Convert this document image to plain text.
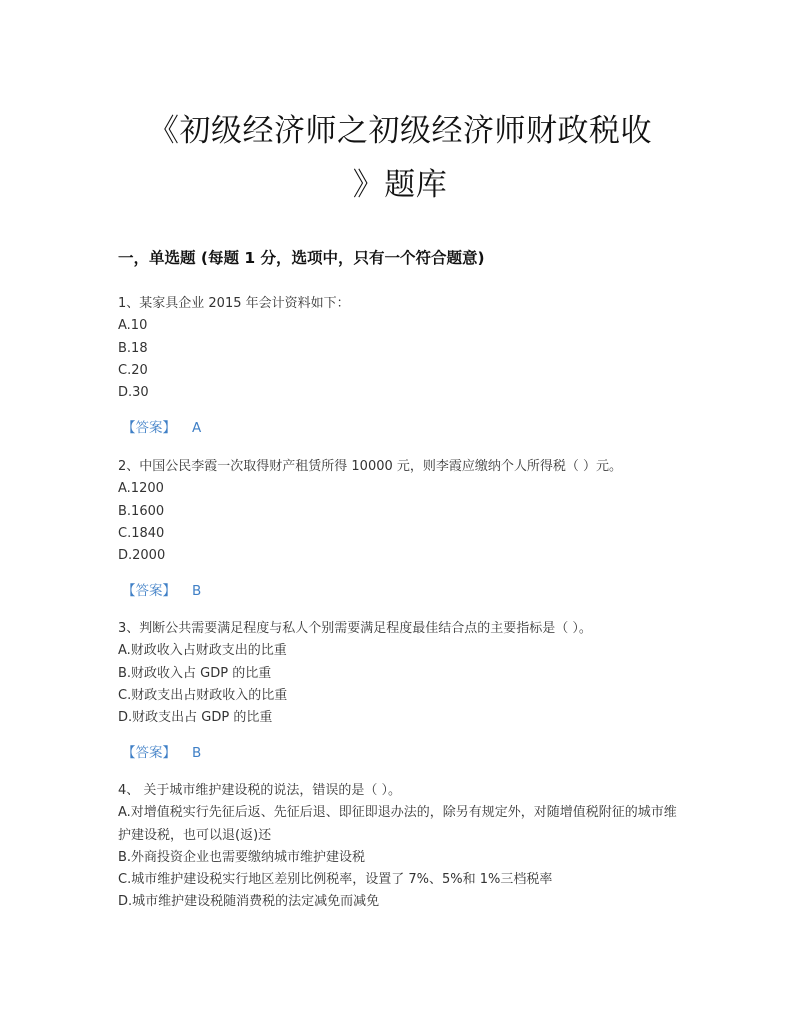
《初级经济师之初级经济师财政税收
》题库
一，单选题 (每题 1 分，选项中，只有一个符合题意)
1、某家具企业 2015 年会计资料如下：
A.10
B.18
C.20
D.30
【答案】 A
2、中国公民李霞一次取得财产租赁所得 10000 元，则李霞应缴纳个人所得税（ ）元。
A.1200
B.1600
C.1840
D.2000
【答案】 B
3、判断公共需要满足程度与私人个别需要满足程度最佳结合点的主要指标是（ ）。
A.财政收入占财政支出的比重
B.财政收入占 GDP 的比重
C.财政支出占财政收入的比重
D.财政支出占 GDP 的比重
【答案】 B
4、 关于城市维护建设税的说法，错误的是（ ）。
A.对增值税实行先征后返、先征后退、即征即退办法的，除另有规定外，对随增值税附征的城市维护建设税，也可以退(返)还
B.外商投资企业也需要缴纳城市维护建设税
C.城市维护建设税实行地区差别比例税率，设置了 7%、5%和 1%三档税率
D.城市维护建设税随消费税的法定减免而减免
